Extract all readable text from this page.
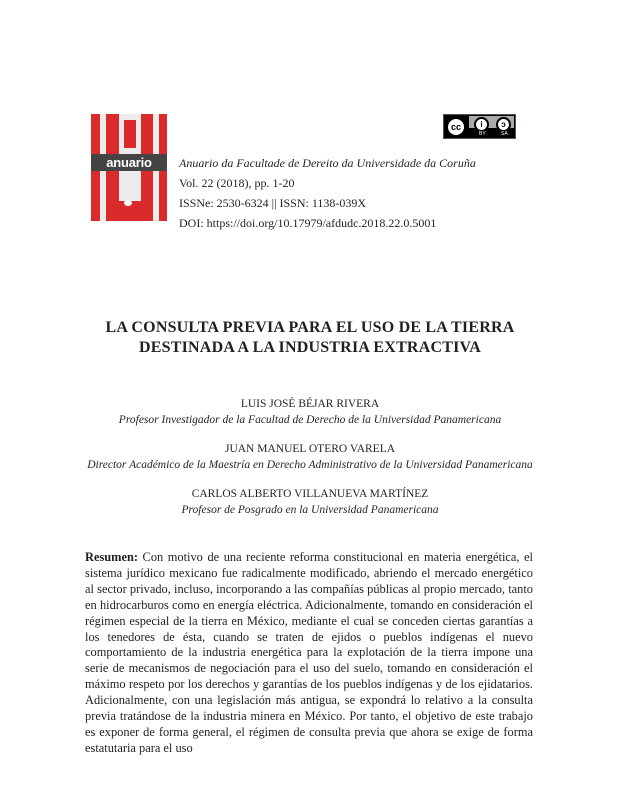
anuario
cc	i	ↄ
BY	SA
Anuario da Facultade de Dereito da Universidade da Coruña
Vol. 22 (2018), pp. 1-20
ISSNe: 2530-6324 || ISSN: 1138-039X
DOI: https://doi.org/10.17979/afdudc.2018.22.0.5001
LA CONSULTA PREVIA PARA EL USO DE LA TIERRA
DESTINADA A LA INDUSTRIA EXTRACTIVA
LUIS JOSÉ BÉJAR RIVERA
Profesor Investigador de la Facultad de Derecho de la Universidad Panamericana
JUAN MANUEL OTERO VARELA
Director Académico de la Maestría en Derecho Administrativo de la Universidad Panamericana
CARLOS ALBERTO VILLANUEVA MARTÍNEZ
Profesor de Posgrado en la Universidad Panamericana
Resumen: Con motivo de una reciente reforma constitucional en materia energética, el sistema jurídico mexicano fue radicalmente modificado, abriendo el mercado energético al sector privado, incluso, incorporando a las compañías públicas al propio mercado, tanto en hidrocarburos como en energía eléctrica. Adicionalmente, tomando en consideración el régimen especial de la tierra en México, mediante el cual se conceden ciertas garantías a los tenedores de ésta, cuando se traten de ejidos o pueblos indígenas el nuevo comportamiento de la industria energética para la explotación de la tierra impone una serie de mecanismos de negociación para el uso del suelo, tomando en consideración el máximo respeto por los derechos y garantías de los pueblos indígenas y de los ejidatarios. Adicionalmente, con una legislación más antigua, se expondrá lo relativo a la consulta previa tratándose de la industria minera en México. Por tanto, el objetivo de este trabajo es exponer de forma general, el régimen de consulta previa que ahora se exige de forma estatutaria para el uso
